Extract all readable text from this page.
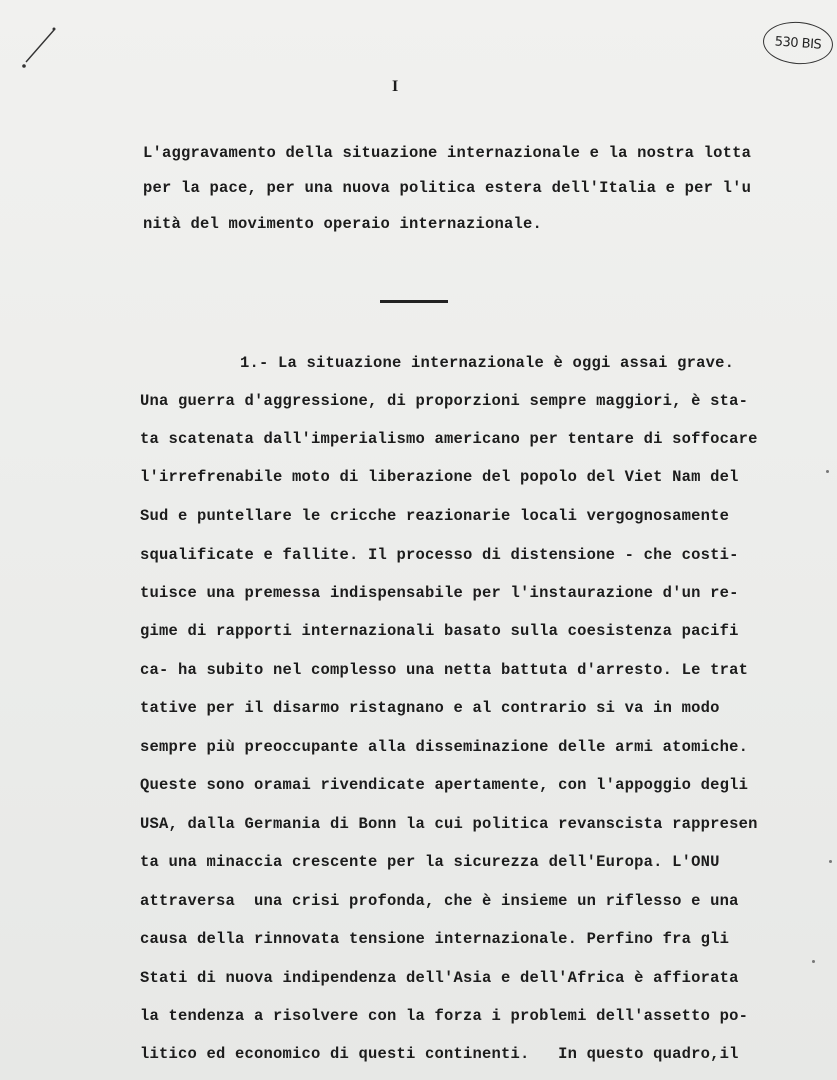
530 BIS
I
L'aggravamento della situazione internazionale e la nostra lotta
per la pace, per una nuova politica estera dell'Italia e per l'u
nità del movimento operaio internazionale.
1.- La situazione internazionale è oggi assai grave.
Una guerra d'aggressione, di proporzioni sempre maggiori, è sta-
ta scatenata dall'imperialismo americano per tentare di soffocare
l'irrefrenabile moto di liberazione del popolo del Viet Nam del
Sud e puntellare le cricche reazionarie locali vergognosamente
squalificate e fallite. Il processo di distensione - che costi-
tuisce una premessa indispensabile per l'instaurazione d'un re-
gime di rapporti internazionali basato sulla coesistenza pacifi
ca- ha subito nel complesso una netta battuta d'arresto. Le trat
tative per il disarmo ristagnano e al contrario si va in modo
sempre più preoccupante alla disseminazione delle armi atomiche.
Queste sono oramai rivendicate apertamente, con l'appoggio degli
USA, dalla Germania di Bonn la cui politica revanscista rappresen
ta una minaccia crescente per la sicurezza dell'Europa. L'ONU
attraversa  una crisi profonda, che è insieme un riflesso e una
causa della rinnovata tensione internazionale. Perfino fra gli
Stati di nuova indipendenza dell'Asia e dell'Africa è affiorata
la tendenza a risolvere con la forza i problemi dell'assetto po-
litico ed economico di questi continenti.   In questo quadro,il
